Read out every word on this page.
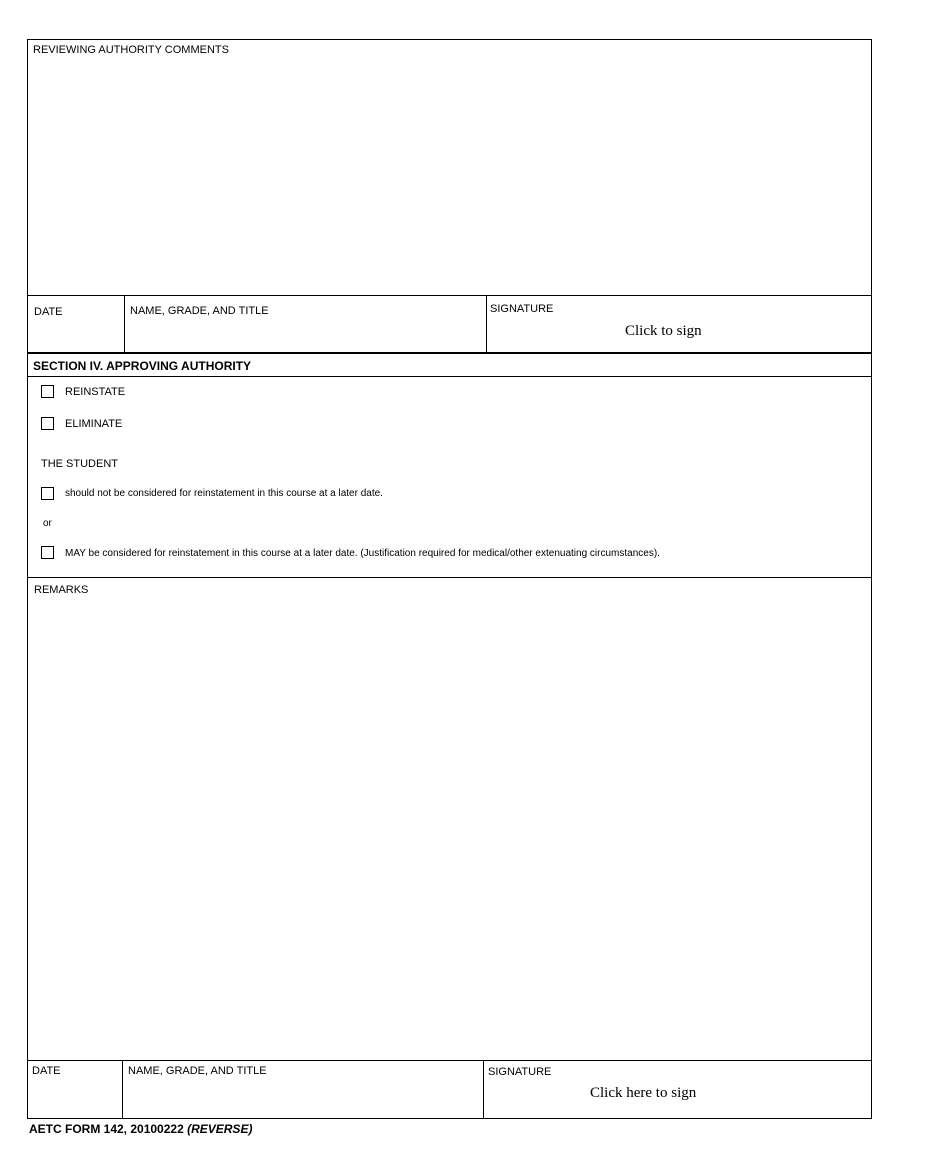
REVIEWING AUTHORITY COMMENTS
DATE	NAME, GRADE, AND TITLE	SIGNATURE
Click to sign
SECTION IV. APPROVING AUTHORITY
REINSTATE
ELIMINATE
THE STUDENT
should not be considered for reinstatement in this course at a later date.
or
MAY be considered for reinstatement in this course at a later date. (Justification required for medical/other extenuating circumstances).
REMARKS
DATE	NAME, GRADE, AND TITLE	SIGNATURE
Click here to sign
AETC FORM 142, 20100222 (REVERSE)
